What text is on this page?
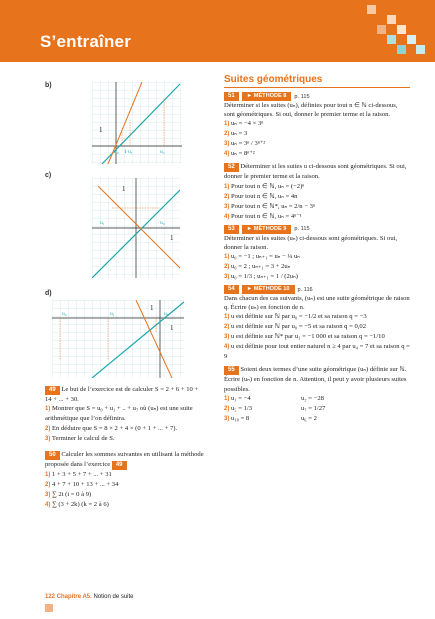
S’entraîner
b)
c)
d)
1
u₀ 1 u₁	u₂
1
1
u₁	u₀
u₂	u₁	u₀
1
1
49 Le but de l’exercice est de calculer S = 2 + 6 + 10 + 14 + ... + 30.
1) Montrer que S = u₀ + u₁ + .. + u₇ où (uₙ) est une suite arithmétique que l’on définira.
2) En déduire que S = 8 × 2 + 4 × (0 + 1 + ... + 7).
3) Terminer le calcul de S.
50 Calculer les sommes suivantes en utilisant la méthode proposée dans l’exercice 49
1) 1 + 3 + 5 + 7 + ... + 31
2) 4 + 7 + 10 + 13 + ... + 34
3) ∑ 2i (i = 0 à 9)
4) ∑ (3 + 2k) (k = 2 à 6)
Suites géométriques
51	► MÉTHODE 8	p. 115
Déterminer si les suites (uₙ), définies pour tout n ∈ ℕ ci-dessous, sont géométriques. Si oui, donner le premier terme et la raison.
1) uₙ = −4 × 3ⁿ
2) uₙ = 3
3) uₙ = 3ⁿ / 3ⁿ⁺²
4) uₙ = 8ⁿ⁺²
52 Déterminer si les suites u ci-dessous sont géométriques. Si oui, donner le premier terme et la raison.
1) Pour tout n ∈ ℕ, uₙ = (−2)ⁿ
2) Pour tout n ∈ ℕ, uₙ = 4n
3) Pour tout n ∈ ℕ*, uₙ = 2/n − 3ⁿ
4) Pour tout n ∈ ℕ, uₙ = 4ⁿ⁻¹
53	► MÉTHODE 9	p. 115
Déterminer si les suites (uₙ) ci-dessous sont géométriques. Si oui, donner la raison.
1) u₀ = −1 ; uₙ₊₁ = uₙ − ¼ uₙ
2) u₀ = 2 ; uₙ₊₁ = 3 + 2uₙ
3) u₀ = 1/3 ; uₙ₊₁ = 1 / (2uₙ)
54	► MÉTHODE 10	p. 116
Dans chacun des cas suivants, (uₙ) est une suite géométrique de raison q. Écrire (uₙ) en fonction de n.
1) u est définie sur ℕ par u₀ = −1/2 et sa raison q = −3
2) u est définie sur ℕ par u₀ = −5 et sa raison q = 0,02
3) u est définie sur ℕ* par u₁ = −1 000 et sa raison q = −1/10
4) u est définie pour tout entier naturel n ≥ 4 par u₄ = 7 et sa raison q = 9
55 Soient deux termes d’une suite géométrique (uₙ) définie sur ℕ. Écrire (uₙ) en fonction de n. Attention, il peut y avoir plusieurs suites possibles.
1) u₁ = −4	u₂ = −28
2) u₅ = 1/3	u₇ = 1/27
3) u₁₀ = 8	u₆ = 2
122 Chapitre A5. Notion de suite
